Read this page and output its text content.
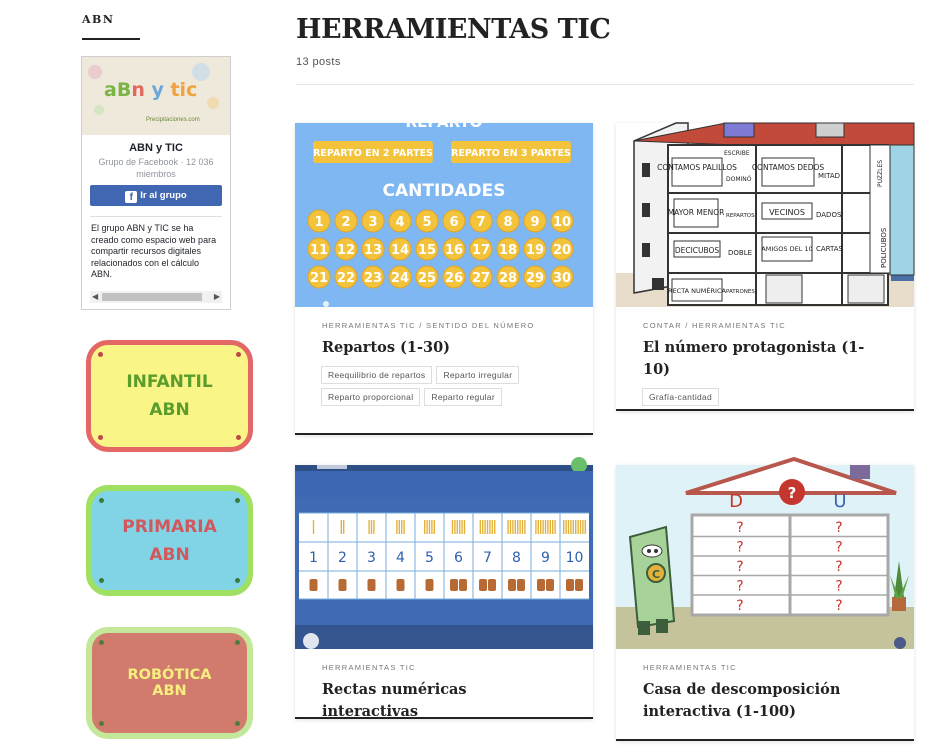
ABN
aBn y tic
Precipitaciones.com
ABN y TIC
Grupo de Facebook · 12 036 miembros
f Ir al grupo
El grupo ABN y TIC se ha creado como espacio web para compartir recursos digitales relacionados con el cálculo ABN.
◀	▶
INFANTIL
ABN
PRIMARIA
ABN
ROBÓTICA
ABN
HERRAMIENTAS TIC
13 posts
REPARTO
REPARTO EN 2 PARTES REPARTO EN 3 PARTES
CANTIDADES
1 2 3 4 5 6 7 8 9 10
11 12 13 14 15 16 17 18 19 20
21 22 23 24 25 26 27 28 29 30
HERRAMIENTAS TIC / SENTIDO DEL NÚMERO
Repartos (1-30)
Reequilibrio de repartos	Reparto irregular
Reparto proporcional	Reparto regular
CONTAMOS PALILLOS CONTAMOS DEDOS
MAYOR MENOR	VECINOS
DECICUBOS	AMIGOS DEL 10
RECTA NUMÉRICA
ESCRIBE
DOMINÓ	MITAD
REPARTOS	DADOS
DOBLE	CARTAS
PATRONES
POLICUBOS
PUZZLES
CONTAR / HERRAMIENTAS TIC
El número protagonista (1-10)
Grafía-cantidad
1 2 3 4 5 6 7 8 9 10
HERRAMIENTAS TIC
Rectas numéricas interactivas
D	? U
?	?
?	?
?	?
?	?
?	?
C
HERRAMIENTAS TIC
Casa de descomposición interactiva (1-100)
